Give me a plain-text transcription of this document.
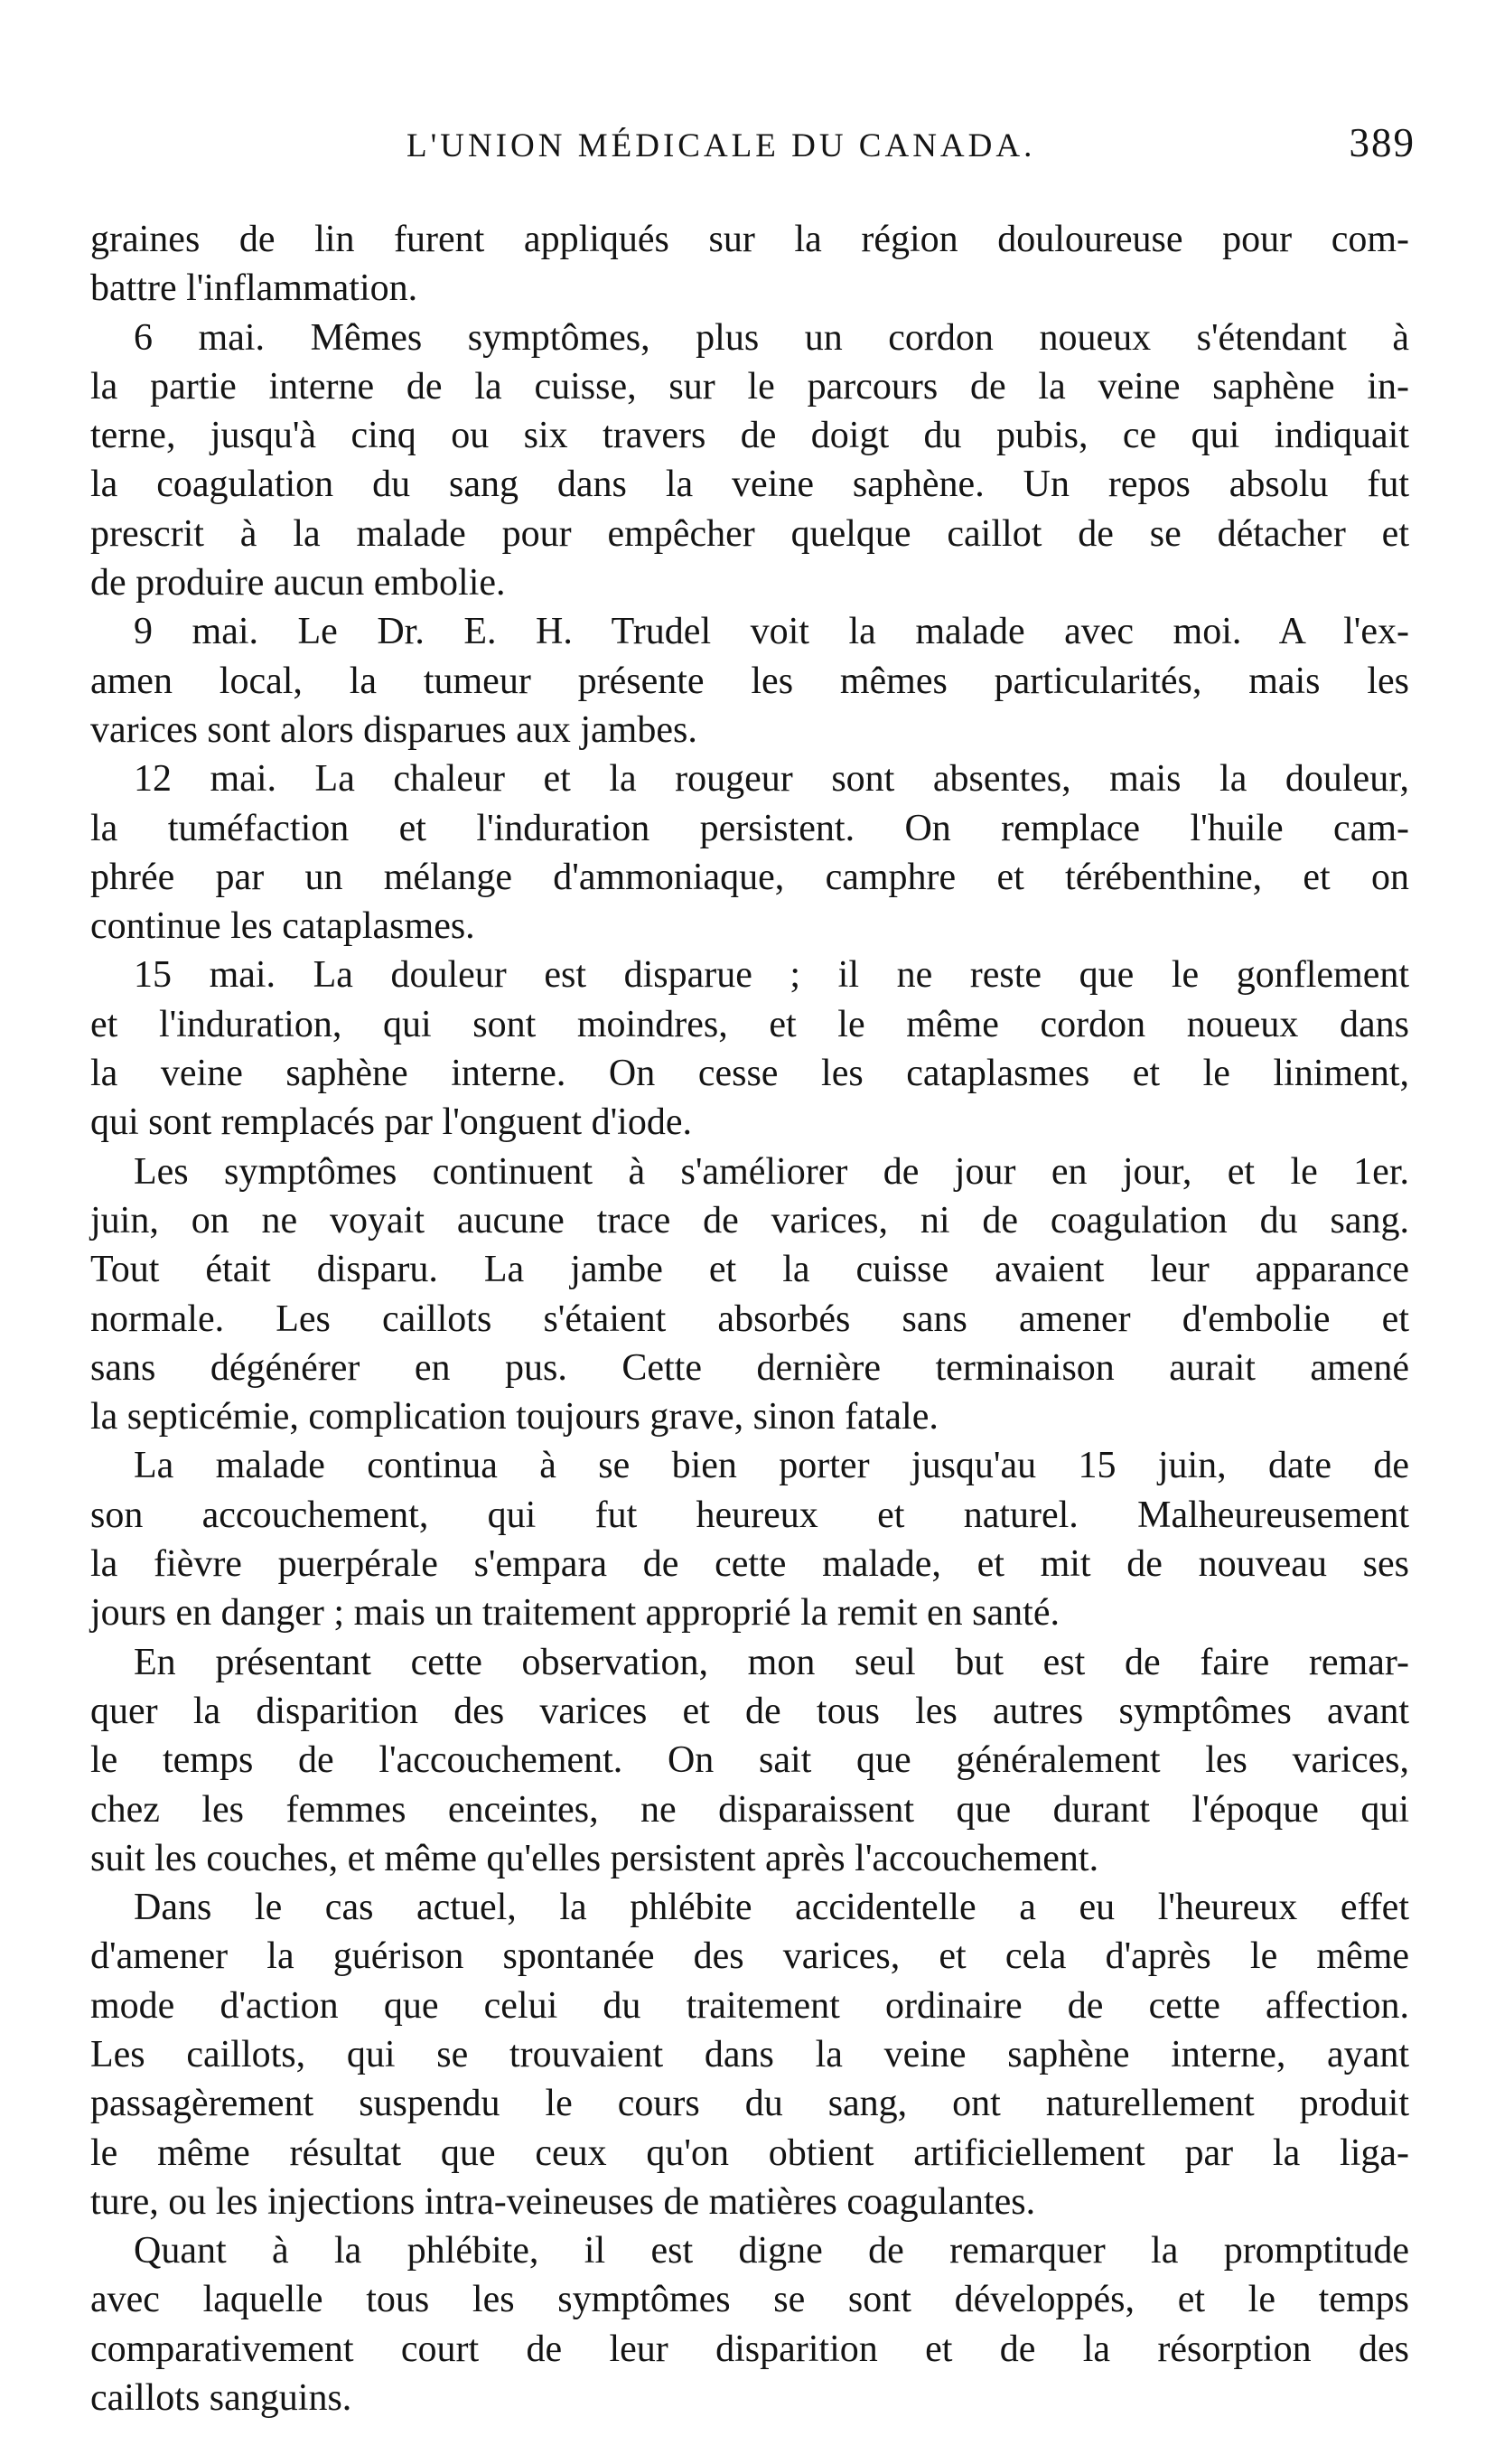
L'UNION MÉDICALE DU CANADA.	389
graines de lin furent appliqués sur la région douloureuse pour com-
battre l'inflammation.
6 mai. Mêmes symptômes, plus un cordon noueux s'étendant à
la partie interne de la cuisse, sur le parcours de la veine saphène in-
terne, jusqu'à cinq ou six travers de doigt du pubis, ce qui indiquait
la coagulation du sang dans la veine saphène. Un repos absolu fut
prescrit à la malade pour empêcher quelque caillot de se détacher et
de produire aucun embolie.
9 mai. Le Dr. E. H. Trudel voit la malade avec moi. A l'ex-
amen local, la tumeur présente les mêmes particularités, mais les
varices sont alors disparues aux jambes.
12 mai. La chaleur et la rougeur sont absentes, mais la douleur,
la tuméfaction et l'induration persistent. On remplace l'huile cam-
phrée par un mélange d'ammoniaque, camphre et térébenthine, et on
continue les cataplasmes.
15 mai. La douleur est disparue ; il ne reste que le gonflement
et l'induration, qui sont moindres, et le même cordon noueux dans
la veine saphène interne. On cesse les cataplasmes et le liniment,
qui sont remplacés par l'onguent d'iode.
Les symptômes continuent à s'améliorer de jour en jour, et le 1er.
juin, on ne voyait aucune trace de varices, ni de coagulation du sang.
Tout était disparu. La jambe et la cuisse avaient leur apparance
normale. Les caillots s'étaient absorbés sans amener d'embolie et
sans dégénérer en pus. Cette dernière terminaison aurait amené
la septicémie, complication toujours grave, sinon fatale.
La malade continua à se bien porter jusqu'au 15 juin, date de
son accouchement, qui fut heureux et naturel. Malheureusement
la fièvre puerpérale s'empara de cette malade, et mit de nouveau ses
jours en danger ; mais un traitement approprié la remit en santé.
En présentant cette observation, mon seul but est de faire remar-
quer la disparition des varices et de tous les autres symptômes avant
le temps de l'accouchement. On sait que généralement les varices,
chez les femmes enceintes, ne disparaissent que durant l'époque qui
suit les couches, et même qu'elles persistent après l'accouchement.
Dans le cas actuel, la phlébite accidentelle a eu l'heureux effet
d'amener la guérison spontanée des varices, et cela d'après le même
mode d'action que celui du traitement ordinaire de cette affection.
Les caillots, qui se trouvaient dans la veine saphène interne, ayant
passagèrement suspendu le cours du sang, ont naturellement produit
le même résultat que ceux qu'on obtient artificiellement par la liga-
ture, ou les injections intra-veineuses de matières coagulantes.
Quant à la phlébite, il est digne de remarquer la promptitude
avec laquelle tous les symptômes se sont développés, et le temps
comparativement court de leur disparition et de la résorption des
caillots sanguins.
